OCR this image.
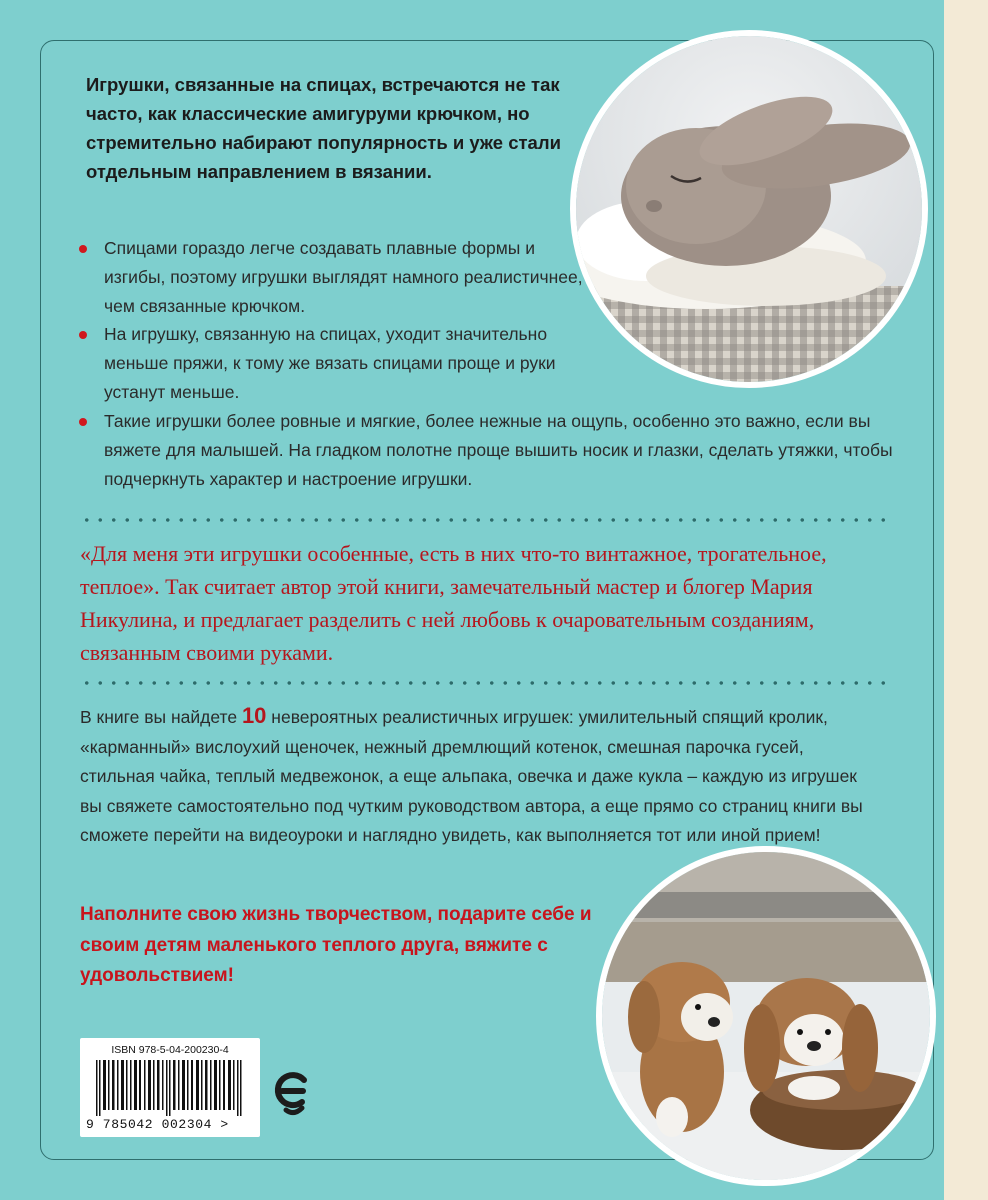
Игрушки, связанные на спицах, встречаются не так часто, как классические амигуруми крючком, но стремительно набирают популярность и уже стали отдельным направлением в вязании.

Спицами гораздо легче создавать плавные формы и изгибы, поэтому игрушки выглядят намного реалистичнее, чем связанные крючком.

На игрушку, связанную на спицах, уходит значительно меньше пряжи, к тому же вязать спицами проще и руки устанут меньше.

Такие игрушки более ровные и мягкие, более нежные на ощупь, особенно это важно, если вы вяжете для малышей. На гладком полотне проще вышить носик и глазки, сделать утяжки, чтобы подчеркнуть характер и настроение игрушки.

«Для меня эти игрушки особенные, есть в них что-то винтажное, трогательное, теплое». Так считает автор этой книги, замечательный мастер и блогер Мария Никулина, и предлагает разделить с ней любовь к очаровательным созданиям, связанным своими руками.

В книге вы найдете 10 невероятных реалистичных игрушек: умилительный спящий кролик, «карманный» вислоухий щеночек, нежный дремлющий котенок, смешная парочка гусей, стильная чайка, теплый медвежонок, а еще альпака, овечка и даже кукла – каждую из игрушек вы свяжете самостоятельно под чутким руководством автора, а еще прямо со страниц книги вы сможете перейти на видеоуроки и наглядно увидеть, как выполняется тот или иной прием!

Наполните свою жизнь творчеством, подарите себе и своим детям маленького теплого друга, вяжите с удовольствием!

ISBN 978-5-04-200230-4
9 785042 002304 >
